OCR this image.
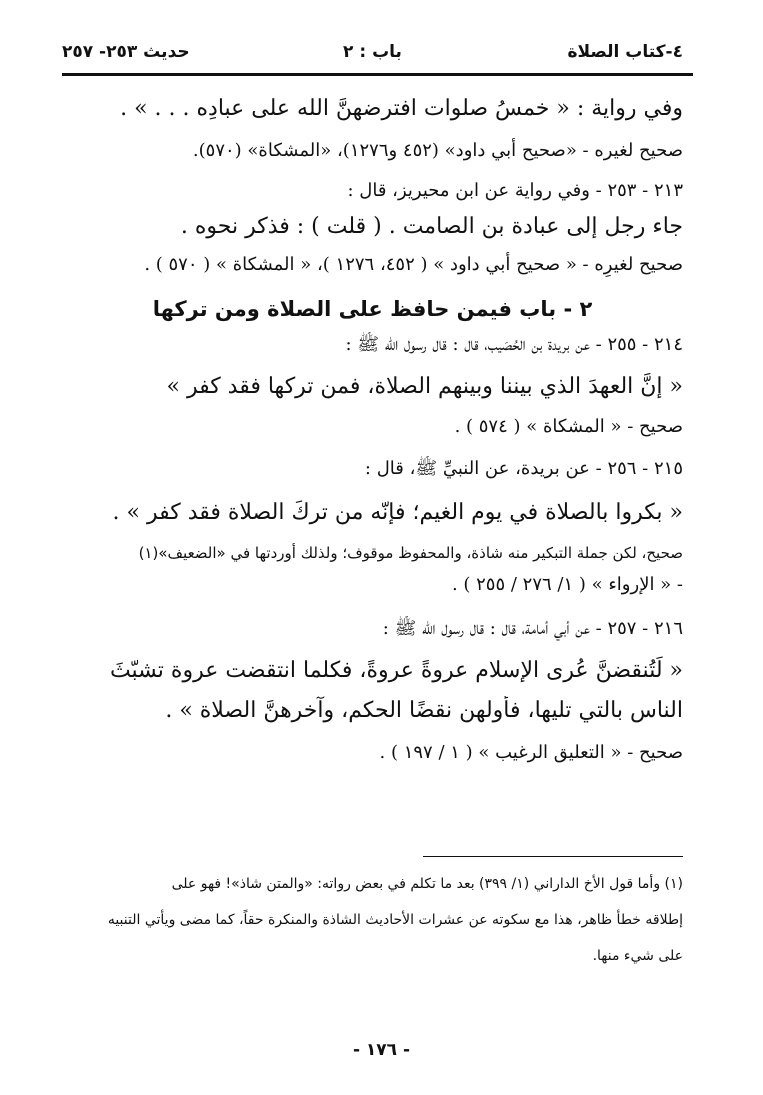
٤-كتاب الصلاة
باب : ٢
حديث ٢٥٣- ٢٥٧
وفي رواية : « خمسُ صلوات افترضهنَّ الله على عبادِه . . . » .
صحيح لغيره - «صحيح أبي داود» (٤٥٢ و١٢٧٦)، «المشكاة» (٥٧٠).
٢١٣ - ٢٥٣ - وفي رواية عن ابن محيريز، قال :
جاء رجل إلى عبادة بن الصامت . ( قلت ) : فذكر نحوه .
صحيح لغيرِه - « صحيح أبي داود » ( ٤٥٢، ١٢٧٦ )، « المشكاة » ( ٥٧٠ ) .
٢ - باب فيمن حافظ على الصلاة ومن تركها
٢١٤ - ٢٥٥ - عن بريدة بن الحُصَيب، قال : قال رسول الله ﷺ :
« إنَّ العهدَ الذي بيننا وبينهم الصلاة، فمن تركها فقد كفر »
صحيح - « المشكاة » ( ٥٧٤ ) .
٢١٥ - ٢٥٦ - عن بريدة، عن النبيِّ ﷺ، قال :
« بكروا بالصلاة في يوم الغيم؛ فإنّه من تركَ الصلاة فقد كفر » .
صحيح، لكن جملة التبكير منه شاذة، والمحفوظ موقوف؛ ولذلك أوردتها في «الضعيف»(١)
- « الإرواء » ( ١/ ٢٧٦ / ٢٥٥ ) .
٢١٦ - ٢٥٧ - عن أبي أمامة، قال : قال رسول الله ﷺ :
« لَتُنقضنَّ عُرى الإسلام عروةً عروةً، فكلما انتقضت عروة تشبّثَ
الناس بالتي تليها، فأولهن نقضًا الحكم، وآخرهنَّ الصلاة » .
صحيح - « التعليق الرغيب » ( ١ / ١٩٧ ) .
(١) وأما قول الأخ الداراني (١/ ٣٩٩) بعد ما تكلم في بعض رواته: «والمتن شاذ»! فهو على
إطلاقه خطأ ظاهر، هذا مع سكوته عن عشرات الأحاديث الشاذة والمنكرة حقاً، كما مضى ويأتي التنبيه
على شيء منها.
- ١٧٦ -
